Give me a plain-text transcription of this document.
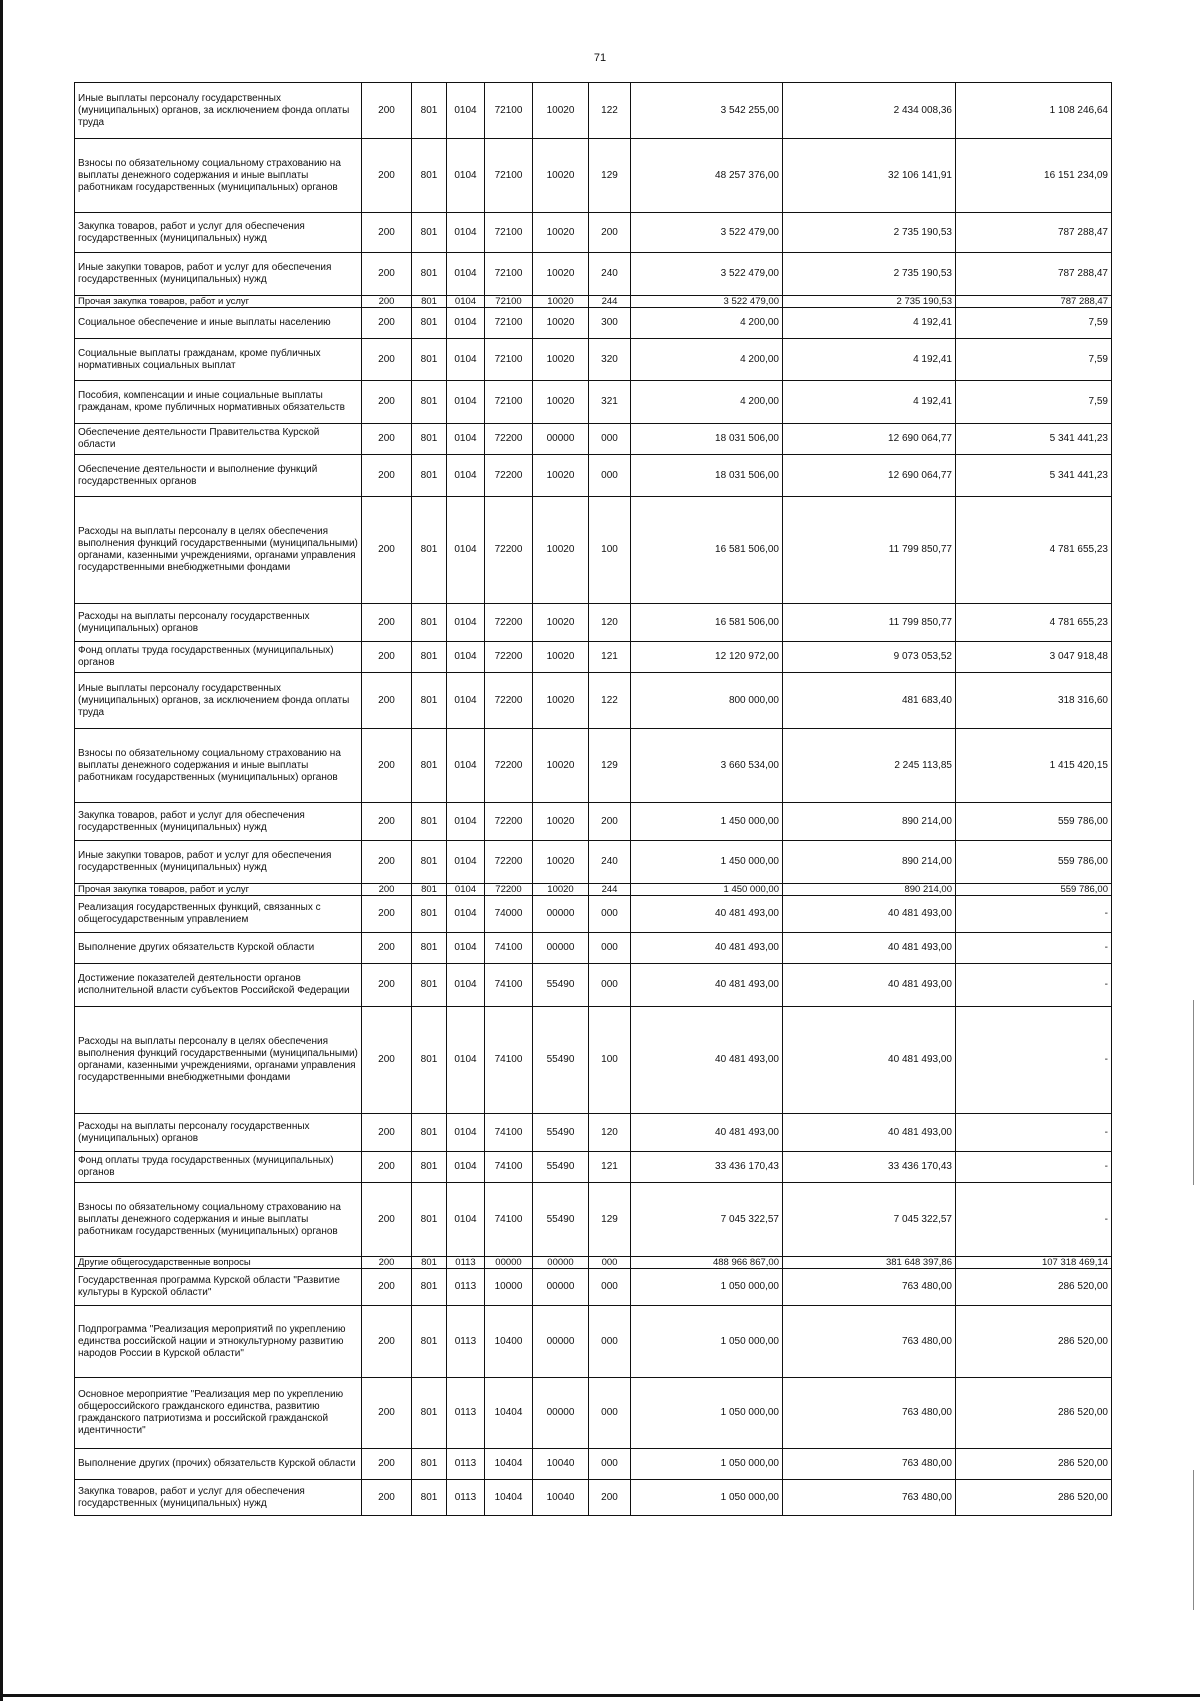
71
Иные выплаты персоналу государственных (муниципальных) органов, за исключением фонда оплаты труда	200	801	0104	72100	10020	122	3 542 255,00	2 434 008,36	1 108 246,64
Взносы по обязательному социальному страхованию на выплаты денежного содержания и иные выплаты работникам государственных (муниципальных) органов	200	801	0104	72100	10020	129	48 257 376,00	32 106 141,91	16 151 234,09
Закупка товаров, работ и услуг для обеспечения государственных (муниципальных) нужд	200	801	0104	72100	10020	200	3 522 479,00	2 735 190,53	787 288,47
Иные закупки товаров, работ и услуг для обеспечения государственных (муниципальных) нужд	200	801	0104	72100	10020	240	3 522 479,00	2 735 190,53	787 288,47
Прочая закупка товаров, работ и услуг	200	801	0104	72100	10020	244	3 522 479,00	2 735 190,53	787 288,47
Социальное обеспечение и иные выплаты населению	200	801	0104	72100	10020	300	4 200,00	4 192,41	7,59
Социальные выплаты гражданам, кроме публичных нормативных социальных выплат	200	801	0104	72100	10020	320	4 200,00	4 192,41	7,59
Пособия, компенсации и иные социальные выплаты гражданам, кроме публичных нормативных обязательств	200	801	0104	72100	10020	321	4 200,00	4 192,41	7,59
Обеспечение деятельности Правительства Курской области	200	801	0104	72200	00000	000	18 031 506,00	12 690 064,77	5 341 441,23
Обеспечение деятельности и выполнение функций государственных органов	200	801	0104	72200	10020	000	18 031 506,00	12 690 064,77	5 341 441,23
Расходы на выплаты персоналу в целях обеспечения выполнения функций государственными (муниципальными) органами, казенными учреждениями, органами управления государственными внебюджетными фондами	200	801	0104	72200	10020	100	16 581 506,00	11 799 850,77	4 781 655,23
Расходы на выплаты персоналу государственных (муниципальных) органов	200	801	0104	72200	10020	120	16 581 506,00	11 799 850,77	4 781 655,23
Фонд оплаты труда государственных (муниципальных) органов	200	801	0104	72200	10020	121	12 120 972,00	9 073 053,52	3 047 918,48
Иные выплаты персоналу государственных (муниципальных) органов, за исключением фонда оплаты труда	200	801	0104	72200	10020	122	800 000,00	481 683,40	318 316,60
Взносы по обязательному социальному страхованию на выплаты денежного содержания и иные выплаты работникам государственных (муниципальных) органов	200	801	0104	72200	10020	129	3 660 534,00	2 245 113,85	1 415 420,15
Закупка товаров, работ и услуг для обеспечения государственных (муниципальных) нужд	200	801	0104	72200	10020	200	1 450 000,00	890 214,00	559 786,00
Иные закупки товаров, работ и услуг для обеспечения государственных (муниципальных) нужд	200	801	0104	72200	10020	240	1 450 000,00	890 214,00	559 786,00
Прочая закупка товаров, работ и услуг	200	801	0104	72200	10020	244	1 450 000,00	890 214,00	559 786,00
Реализация государственных функций, связанных с общегосударственным управлением	200	801	0104	74000	00000	000	40 481 493,00	40 481 493,00	-
Выполнение других обязательств Курской области	200	801	0104	74100	00000	000	40 481 493,00	40 481 493,00	-
Достижение показателей деятельности органов исполнительной власти субъектов Российской Федерации	200	801	0104	74100	55490	000	40 481 493,00	40 481 493,00	-
Расходы на выплаты персоналу в целях обеспечения выполнения функций государственными (муниципальными) органами, казенными учреждениями, органами управления государственными внебюджетными фондами	200	801	0104	74100	55490	100	40 481 493,00	40 481 493,00	-
Расходы на выплаты персоналу государственных (муниципальных) органов	200	801	0104	74100	55490	120	40 481 493,00	40 481 493,00	-
Фонд оплаты труда государственных (муниципальных) органов	200	801	0104	74100	55490	121	33 436 170,43	33 436 170,43	-
Взносы по обязательному социальному страхованию на выплаты денежного содержания и иные выплаты работникам государственных (муниципальных) органов	200	801	0104	74100	55490	129	7 045 322,57	7 045 322,57	-
Другие общегосударственные вопросы	200	801	0113	00000	00000	000	488 966 867,00	381 648 397,86	107 318 469,14
Государственная программа Курской области "Развитие культуры в Курской области"	200	801	0113	10000	00000	000	1 050 000,00	763 480,00	286 520,00
Подпрограмма "Реализация мероприятий по укреплению единства российской нации и этнокультурному развитию народов России в Курской области"	200	801	0113	10400	00000	000	1 050 000,00	763 480,00	286 520,00
Основное мероприятие "Реализация мер по укреплению общероссийского гражданского единства, развитию гражданского патриотизма и российской гражданской идентичности"	200	801	0113	10404	00000	000	1 050 000,00	763 480,00	286 520,00
Выполнение других (прочих) обязательств Курской области	200	801	0113	10404	10040	000	1 050 000,00	763 480,00	286 520,00
Закупка товаров, работ и услуг для обеспечения государственных (муниципальных) нужд	200	801	0113	10404	10040	200	1 050 000,00	763 480,00	286 520,00
